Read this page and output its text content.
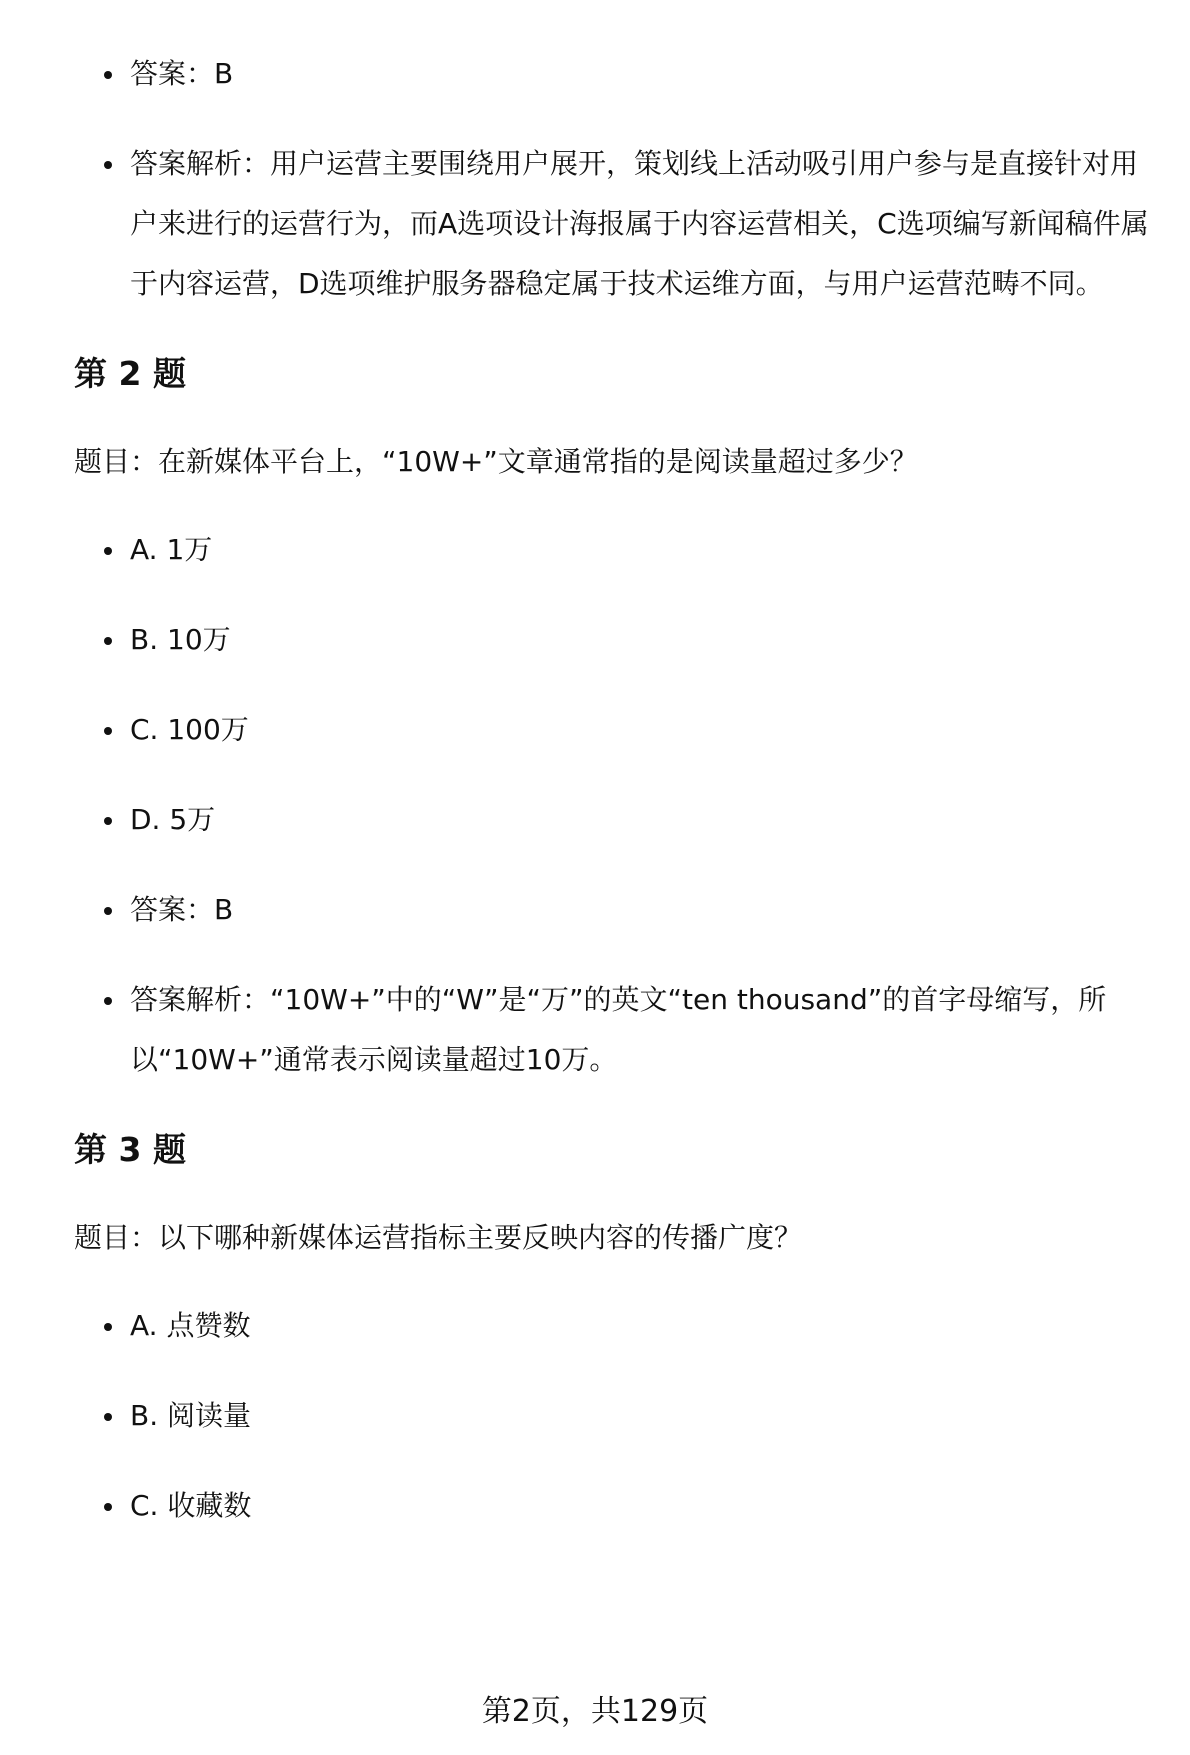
答案：B
答案解析：用户运营主要围绕用户展开，策划线上活动吸引用户参与是直接针对用户来进行的运营行为，而A选项设计海报属于内容运营相关，C选项编写新闻稿件属于内容运营，D选项维护服务器稳定属于技术运维方面，与用户运营范畴不同。
第 2 题

题目：在新媒体平台上，“10W+”文章通常指的是阅读量超过多少？

A. 1万
B. 10万
C. 100万
D. 5万
答案：B
答案解析：“10W+”中的“W”是“万”的英文“ten thousand”的首字母缩写，所以“10W+”通常表示阅读量超过10万。
第 3 题

题目：以下哪种新媒体运营指标主要反映内容的传播广度？

A. 点赞数
B. 阅读量
C. 收藏数
第2页，共129页
